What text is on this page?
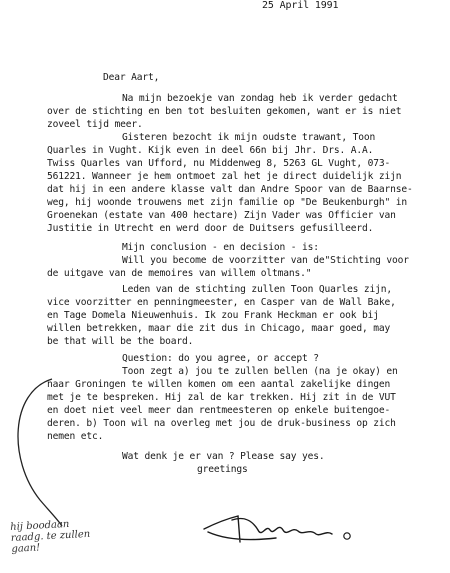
25 April 1991
Dear Aart,
Na mijn bezoekje van zondag heb ik verder gedacht
over de stichting en ben tot besluiten gekomen, want er is niet
zoveel tijd meer.
Gisteren bezocht ik mijn oudste trawant, Toon
Quarles in Vught. Kijk even in deel 66n bij Jhr. Drs. A.A.
Twiss Quarles van Ufford, nu Middenweg 8, 5263 GL Vught, 073-
561221. Wanneer je hem ontmoet zal het je direct duidelijk zijn
dat hij in een andere klasse valt dan Andre Spoor van de Baarnse-
weg, hij woonde trouwens met zijn familie op "De Beukenburgh" in
Groenekan (estate van 400 hectare) Zijn Vader was Officier van
Justitie in Utrecht en werd door de Duitsers gefusilleerd.
Mijn conclusion - en decision - is:
Will you become de voorzitter van de"Stichting voor
de uitgave van de memoires van willem oltmans."
Leden van de stichting zullen Toon Quarles zijn,
vice voorzitter en penningmeester, en Casper van de Wall Bake,
en Tage Domela Nieuwenhuis. Ik zou Frank Heckman er ook bij
willen betrekken, maar die zit dus in Chicago, maar goed, may
be that will be the board.
Question: do you agree, or accept ?
Toon zegt a) jou te zullen bellen (na je okay) en
naar Groningen te willen komen om een aantal zakelijke dingen
met je te bespreken. Hij zal de kar trekken. Hij zit in de VUT
en doet niet veel meer dan rentmeesteren op enkele buitengoe-
deren. b) Toon wil na overleg met jou de druk-business op zich
nemen etc.
Wat denk je er van ? Please say yes.
greetings
hij boodaan
raadg. te zullen
gaan!
